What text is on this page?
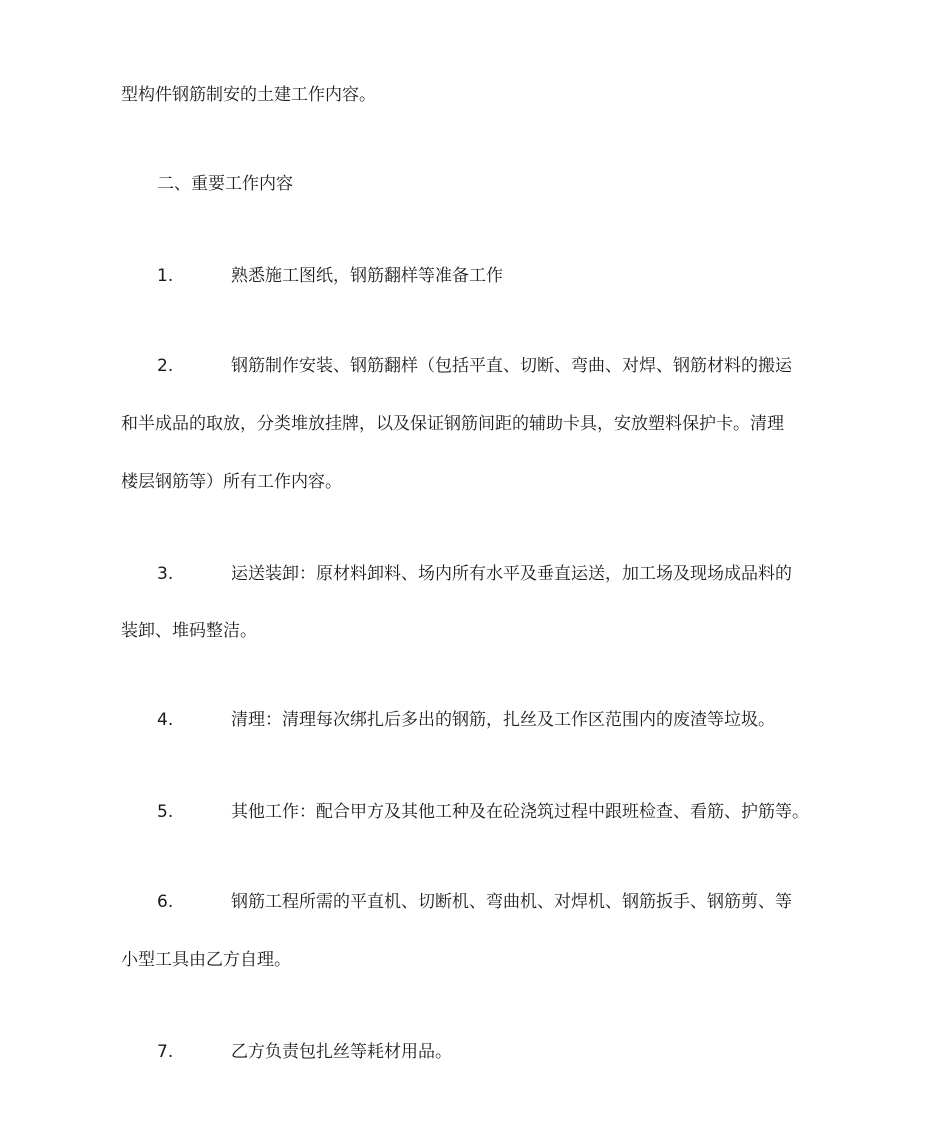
型构件钢筋制安的土建工作内容。
二、重要工作内容
1.	熟悉施工图纸，钢筋翻样等准备工作
2.	钢筋制作安装、钢筋翻样（包括平直、切断、弯曲、对焊、钢筋材料的搬运
和半成品的取放，分类堆放挂牌，以及保证钢筋间距的辅助卡具，安放塑料保护卡。清理
楼层钢筋等）所有工作内容。
3.	运送装卸：原材料卸料、场内所有水平及垂直运送，加工场及现场成品料的
装卸、堆码整洁。
4.	清理：清理每次绑扎后多出的钢筋，扎丝及工作区范围内的废渣等垃圾。
5.	其他工作：配合甲方及其他工种及在砼浇筑过程中跟班检查、看筋、护筋等。
6.	钢筋工程所需的平直机、切断机、弯曲机、对焊机、钢筋扳手、钢筋剪、等
小型工具由乙方自理。
7.	乙方负责包扎丝等耗材用品。
